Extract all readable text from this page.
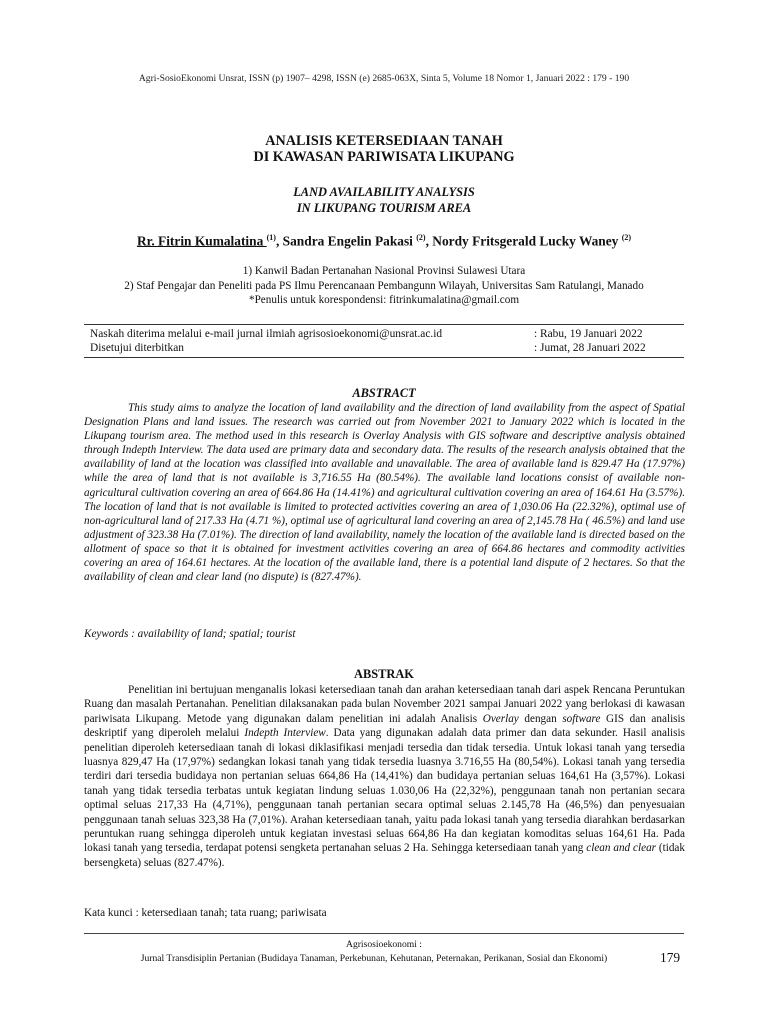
Agri-SosioEkonomi Unsrat, ISSN (p) 1907– 4298, ISSN (e) 2685-063X, Sinta 5, Volume 18 Nomor 1, Januari 2022 : 179 - 190
ANALISIS KETERSEDIAAN TANAH
DI KAWASAN PARIWISATA LIKUPANG
LAND AVAILABILITY ANALYSIS
IN LIKUPANG TOURISM AREA
Rr. Fitrin Kumalatina $^{(1)}$, Sandra Engelin Pakasi $^{(2)}$, Nordy Fritsgerald Lucky Waney $^{(2)}$
1) Kanwil Badan Pertanahan Nasional Provinsi Sulawesi Utara
2) Staf Pengajar dan Peneliti pada PS Ilmu Perencanaan Pembangunn Wilayah, Universitas Sam Ratulangi, Manado
*Penulis untuk korespondensi: fitrinkumalatina@gmail.com
Naskah diterima melalui e-mail jurnal ilmiah agrisosioekonomi@unsrat.ac.id	: Rabu, 19 Januari 2022
Disetujui diterbitkan	: Jumat, 28 Januari 2022
ABSTRACT

This study aims to analyze the location of land availability and the direction of land availability from the aspect of Spatial Designation Plans and land issues. The research was carried out from November 2021 to January 2022 which is located in the Likupang tourism area. The method used in this research is Overlay Analysis with GIS software and descriptive analysis obtained through Indepth Interview. The data used are primary data and secondary data. The results of the research analysis obtained that the availability of land at the location was classified into available and unavailable. The area of available land is 829.47 Ha (17.97%) while the area of land that is not available is 3,716.55 Ha (80.54%). The available land locations consist of available non-agricultural cultivation covering an area of 664.86 Ha (14.41%) and agricultural cultivation covering an area of 164.61 Ha (3.57%). The location of land that is not available is limited to protected activities covering an area of 1,030.06 Ha (22.32%), optimal use of non-agricultural land of 217.33 Ha (4.71 %), optimal use of agricultural land covering an area of 2,145.78 Ha ( 46.5%) and land use adjustment of 323.38 Ha (7.01%). The direction of land availability, namely the location of the available land is directed based on the allotment of space so that it is obtained for investment activities covering an area of 664.86 hectares and commodity activities covering an area of 164.61 hectares. At the location of the available land, there is a potential land dispute of 2 hectares. So that the availability of clean and clear land (no dispute) is (827.47%).

Keywords : availability of land; spatial; tourist

ABSTRAK

Penelitian ini bertujuan menganalis lokasi ketersediaan tanah dan arahan ketersediaan tanah dari aspek Rencana Peruntukan Ruang dan masalah Pertanahan. Penelitian dilaksanakan pada bulan November 2021 sampai Januari 2022 yang berlokasi di kawasan pariwisata Likupang. Metode yang digunakan dalam penelitian ini adalah Analisis Overlay dengan software GIS dan analisis deskriptif yang diperoleh melalui Indepth Interview. Data yang digunakan adalah data primer dan data sekunder. Hasil analisis penelitian diperoleh ketersediaan tanah di lokasi diklasifikasi menjadi tersedia dan tidak tersedia. Untuk lokasi tanah yang tersedia luasnya 829,47 Ha (17,97%) sedangkan lokasi tanah yang tidak tersedia luasnya 3.716,55 Ha (80,54%). Lokasi tanah yang tersedia terdiri dari tersedia budidaya non pertanian seluas 664,86 Ha (14,41%) dan budidaya pertanian seluas 164,61 Ha (3,57%). Lokasi tanah yang tidak tersedia terbatas untuk kegiatan lindung seluas 1.030,06 Ha (22,32%), penggunaan tanah non pertanian secara optimal seluas 217,33 Ha (4,71%), penggunaan tanah pertanian secara optimal seluas 2.145,78 Ha (46,5%) dan penyesuaian penggunaan tanah seluas 323,38 Ha (7,01%). Arahan ketersediaan tanah, yaitu pada lokasi tanah yang tersedia diarahkan berdasarkan peruntukan ruang sehingga diperoleh untuk kegiatan investasi seluas 664,86 Ha dan kegiatan komoditas seluas 164,61 Ha. Pada lokasi tanah yang tersedia, terdapat potensi sengketa pertanahan seluas 2 Ha. Sehingga ketersediaan tanah yang clean and clear (tidak bersengketa) seluas (827.47%).

Kata kunci : ketersediaan tanah; tata ruang; pariwisata

Agrisosioekonomi :
Jurnal Transdisiplin Pertanian (Budidaya Tanaman, Perkebunan, Kehutanan, Peternakan, Perikanan, Sosial dan Ekonomi)	179
